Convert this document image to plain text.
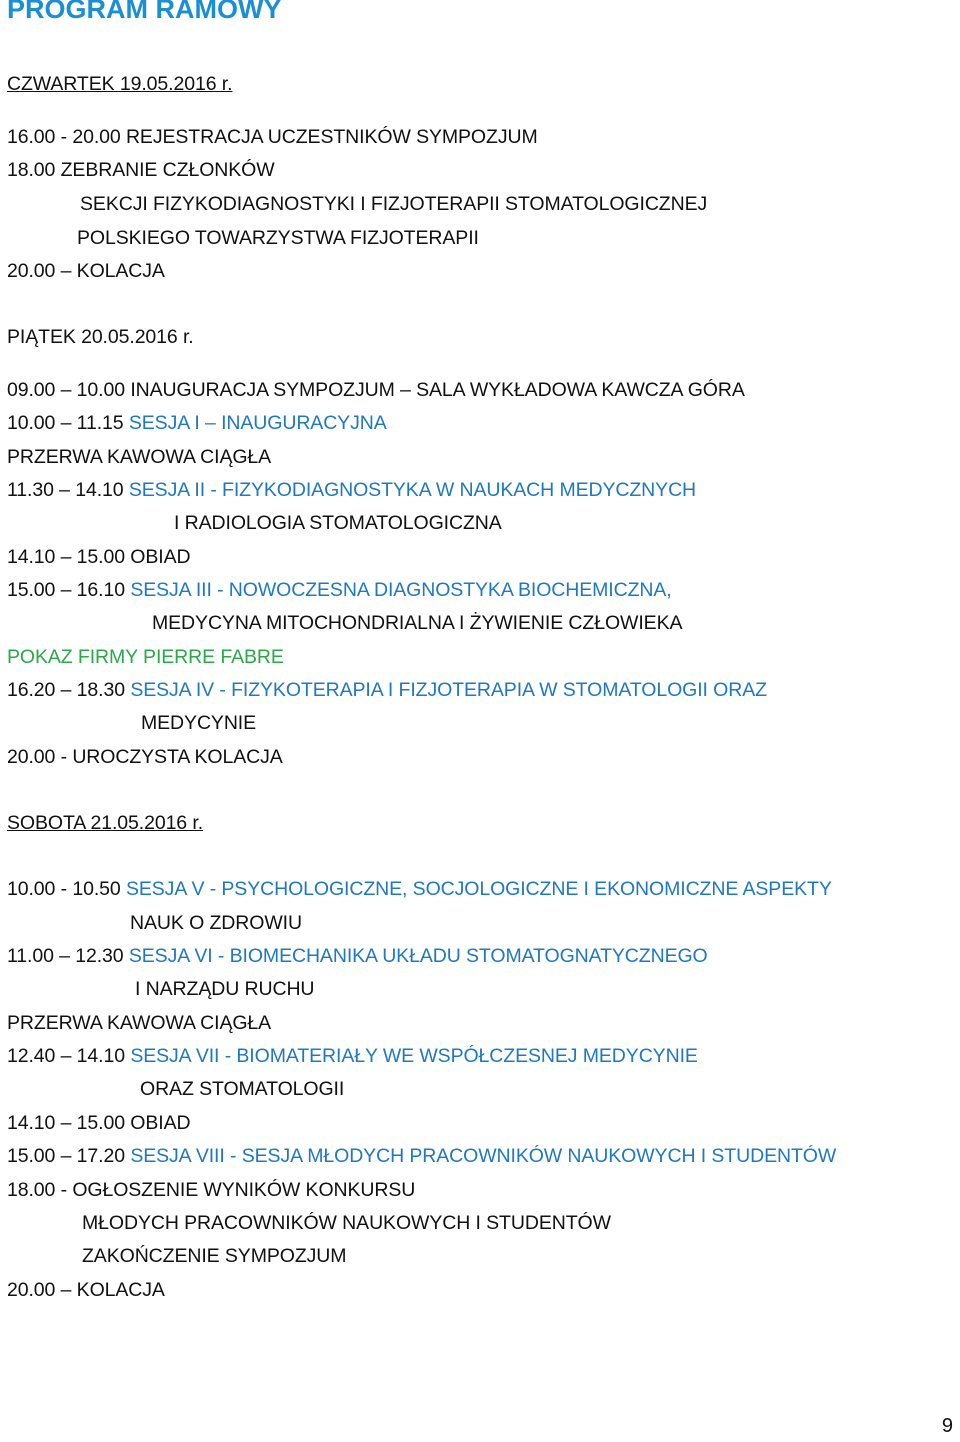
PROGRAM RAMOWY
CZWARTEK 19.05.2016 r.
16.00 - 20.00 REJESTRACJA UCZESTNIKÓW SYMPOZJUM
18.00 ZEBRANIE CZŁONKÓW
SEKCJI FIZYKODIAGNOSTYKI I FIZJOTERAPII STOMATOLOGICZNEJ
POLSKIEGO TOWARZYSTWA FIZJOTERAPII
20.00 – KOLACJA
PIĄTEK 20.05.2016 r.
09.00 – 10.00 INAUGURACJA SYMPOZJUM – SALA WYKŁADOWA KAWCZA GÓRA
10.00 – 11.15 SESJA I – INAUGURACYJNA
PRZERWA KAWOWA CIĄGŁA
11.30 – 14.10 SESJA II - FIZYKODIAGNOSTYKA W NAUKACH MEDYCZNYCH
I RADIOLOGIA STOMATOLOGICZNA
14.10 – 15.00 OBIAD
15.00 – 16.10 SESJA III - NOWOCZESNA DIAGNOSTYKA BIOCHEMICZNA,
MEDYCYNA MITOCHONDRIALNA I ŻYWIENIE CZŁOWIEKA
POKAZ FIRMY PIERRE FABRE
16.20 – 18.30 SESJA IV - FIZYKOTERAPIA I FIZJOTERAPIA W STOMATOLOGII ORAZ
MEDYCYNIE
20.00 - UROCZYSTA KOLACJA
SOBOTA 21.05.2016 r.
10.00 - 10.50 SESJA V - PSYCHOLOGICZNE, SOCJOLOGICZNE I EKONOMICZNE ASPEKTY
NAUK O ZDROWIU
11.00 – 12.30 SESJA VI - BIOMECHANIKA UKŁADU STOMATOGNATYCZNEGO
I NARZĄDU RUCHU
PRZERWA KAWOWA CIĄGŁA
12.40 – 14.10 SESJA VII - BIOMATERIAŁY WE WSPÓŁCZESNEJ MEDYCYNIE
ORAZ STOMATOLOGII
14.10 – 15.00 OBIAD
15.00 – 17.20 SESJA VIII - SESJA MŁODYCH PRACOWNIKÓW NAUKOWYCH I STUDENTÓW
18.00 - OGŁOSZENIE WYNIKÓW KONKURSU
MŁODYCH PRACOWNIKÓW NAUKOWYCH I STUDENTÓW
ZAKOŃCZENIE SYMPOZJUM
20.00 – KOLACJA
9
